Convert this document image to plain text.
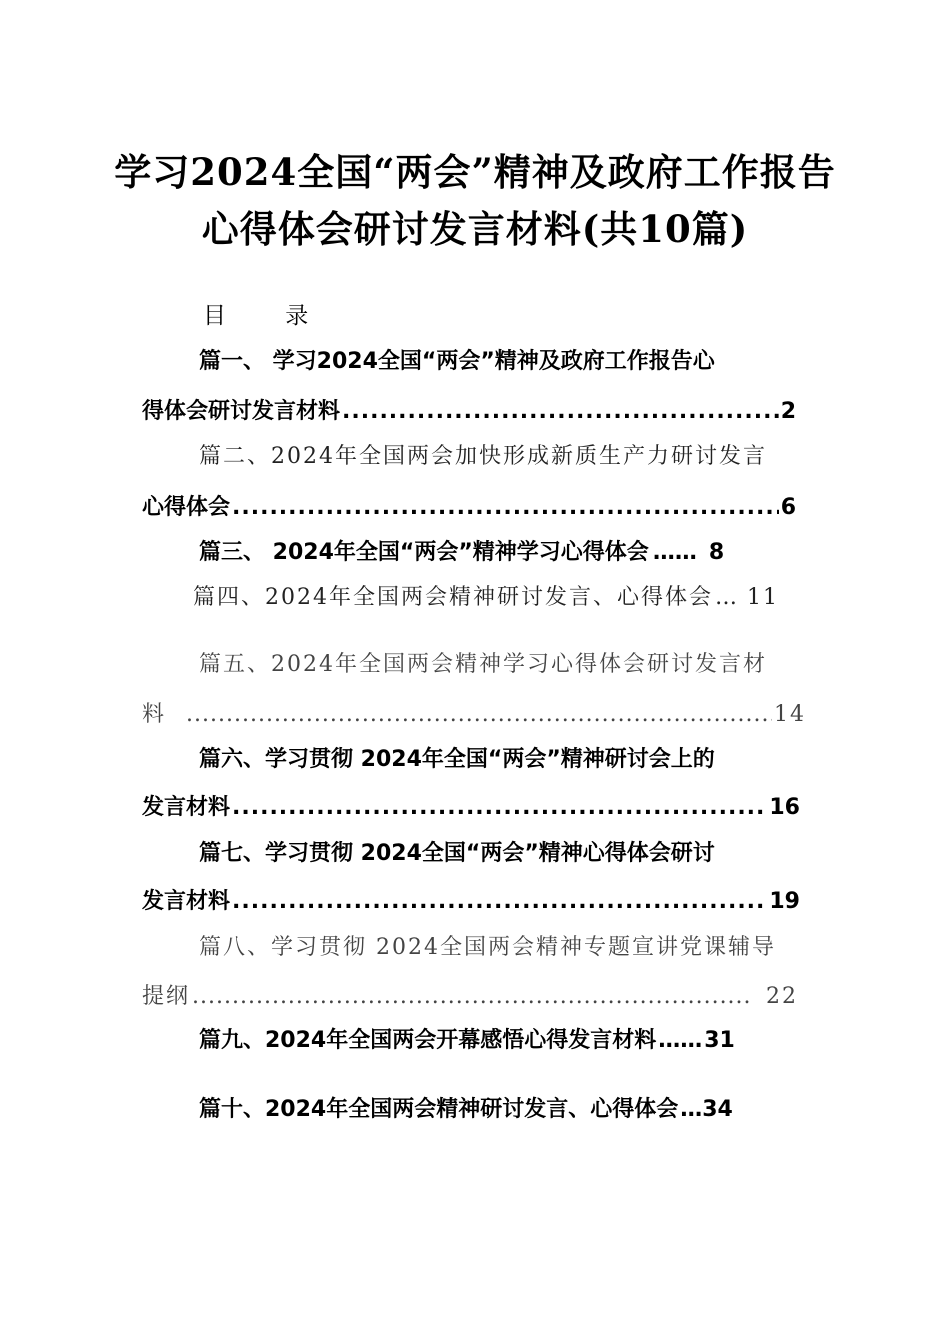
学习2024全国“两会”精神及政府工作报告
心得体会研讨发言材料(共10篇)
目 录
篇一、 学习2024全国“两会”精神及政府工作报告心
得体会研讨发言材料 .....	2
篇二、2024年全国两会加快形成新质生产力研讨发言
心得体会 .....	6
篇三、 2024年全国“两会”精神学习心得体会 …… 8
篇四、2024年全国两会精神研讨发言、心得体会 … 11
篇五、2024年全国两会精神学习心得体会研讨发言材
料 .....	14
篇六、学习贯彻 2024年全国“两会”精神研讨会上的
发言材料 .....	16
篇七、学习贯彻 2024全国“两会”精神心得体会研讨
发言材料 .....	19
篇八、学习贯彻 2024全国两会精神专题宣讲党课辅导
提纲 .....	22
篇九、2024年全国两会开幕感悟心得发言材料 …… 31
篇十、2024年全国两会精神研讨发言、心得体会 … 34
